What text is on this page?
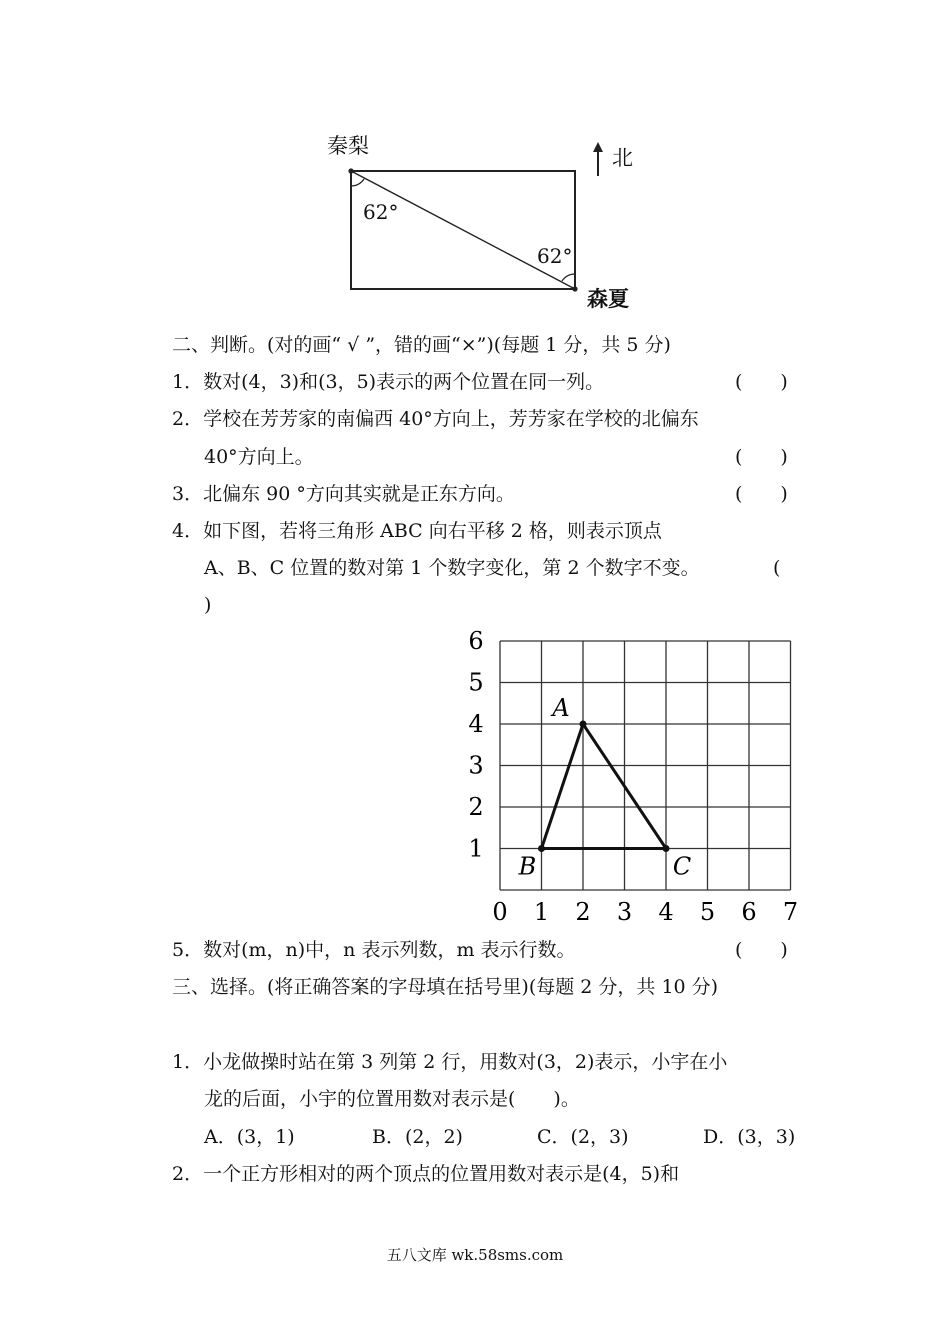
秦梨
森夏
62°
62°
北
二、判断。(对的画“ √ ”，错的画“×”)(每题 1 分，共 5 分)
1．数对(4，3)和(3，5)表示的两个位置在同一列。	(　　)
2．学校在芳芳家的南偏西 40°方向上，芳芳家在学校的北偏东
40°方向上。	(　　)
3．北偏东 90 °方向其实就是正东方向。	(　　)
4．如下图，若将三角形 ABC 向右平移 2 格，则表示顶点
A、B、C 位置的数对第 1 个数字变化，第 2 个数字不变。	(
)
0 1 2 3 4 5 6 7
1
2
3
4
5
6
A
B	C
5．数对(m，n)中，n 表示列数，m 表示行数。	(　　)
三、选择。(将正确答案的字母填在括号里)(每题 2 分，共 10 分)
1．小龙做操时站在第 3 列第 2 行，用数对(3，2)表示，小宇在小
龙的后面，小宇的位置用数对表示是(　　)。
A．(3，1)	B．(2，2)	C．(2，3)	D．(3，3)
2．一个正方形相对的两个顶点的位置用数对表示是(4，5)和
五八文库 wk.58sms.com
